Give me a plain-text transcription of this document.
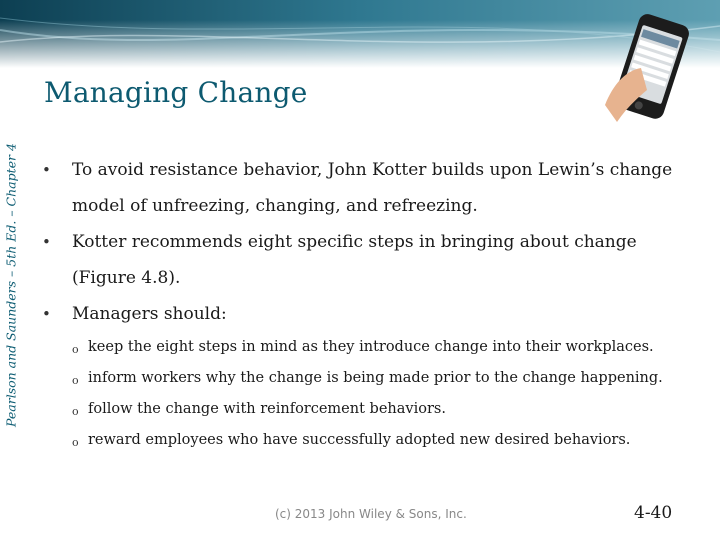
Pearlson and Saunders – 5th Ed. – Chapter 4
Managing Change
• To avoid resistance behavior, John Kotter builds upon Lewin’s change model of unfreezing, changing, and refreezing.
• Kotter recommends eight specific steps in bringing about change (Figure 4.8).
• Managers should:
o keep the eight steps in mind as they introduce change into their workplaces.
o inform workers why the change is being made prior to the change happening.
o follow the change with reinforcement behaviors.
o reward employees who have successfully adopted new desired behaviors.
(c) 2013 John Wiley & Sons, Inc.	4-40
